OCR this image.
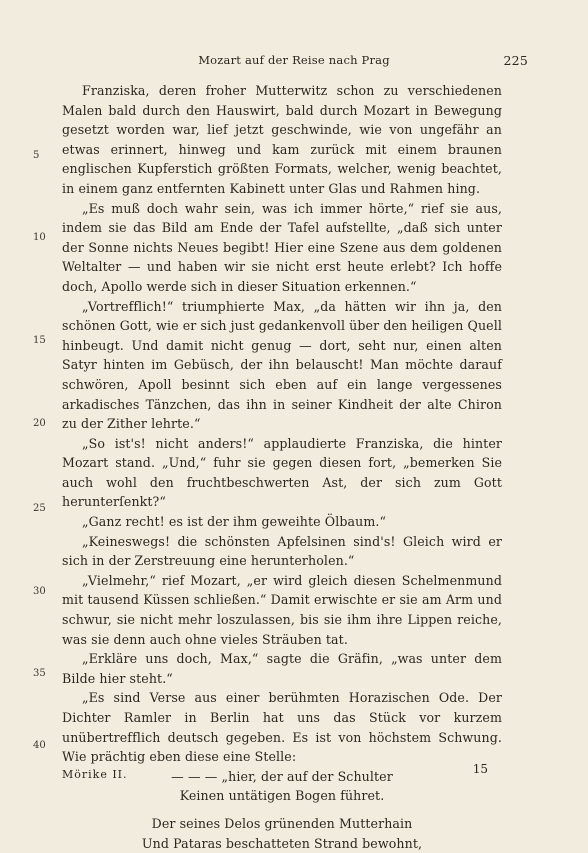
Mozart auf der Reise nach Prag	225
5
10
15
20
25
30
35
40

Franziska, deren froher Mutterwitz schon zu verschiedenen Malen bald durch den Hauswirt, bald durch Mozart in Bewegung gesetzt worden war, lief jetzt geschwinde, wie von ungefähr an etwas erinnert, hinweg und kam zurück mit einem braunen englischen Kupferstich größten Formats, welcher, wenig beachtet, in einem ganz entfernten Kabinett unter Glas und Rahmen hing.

„Es muß doch wahr sein, was ich immer hörte,“ rief sie aus, indem sie das Bild am Ende der Tafel aufstellte, „daß sich unter der Sonne nichts Neues begibt! Hier eine Szene aus dem goldenen Weltalter — und haben wir sie nicht erst heute erlebt? Ich hoffe doch, Apollo werde sich in dieser Situation erkennen.“

„Vortrefflich!“ triumphierte Max, „da hätten wir ihn ja, den schönen Gott, wie er sich just gedankenvoll über den heiligen Quell hinbeugt. Und damit nicht genug — dort, seht nur, einen alten Satyr hinten im Gebüsch, der ihn belauscht! Man möchte darauf schwören, Apoll besinnt sich eben auf ein lange vergessenes arkadisches Tänzchen, das ihn in seiner Kindheit der alte Chiron zu der Zither lehrte.“

„So ist's! nicht anders!“ applaudierte Franziska, die hinter Mozart stand. „Und,“ fuhr sie gegen diesen fort, „bemerken Sie auch wohl den fruchtbeschwerten Ast, der sich zum Gott herunterſenkt?“

„Ganz recht! es ist der ihm geweihte Ölbaum.“

„Keineswegs! die schönsten Apfelsinen sind's! Gleich wird er sich in der Zerstreuung eine herunterholen.“

„Vielmehr,“ rief Mozart, „er wird gleich diesen Schelmenmund mit tausend Küssen schließen.“ Damit erwischte er sie am Arm und schwur, sie nicht mehr loszulassen, bis sie ihm ihre Lippen reiche, was sie denn auch ohne vieles Sträuben tat.

„Erkläre uns doch, Max,“ sagte die Gräfin, „was unter dem Bilde hier steht.“

„Es sind Verse aus einer berühmten Horazischen Ode. Der Dichter Ramler in Berlin hat uns das Stück vor kurzem unübertrefflich deutsch gegeben. Es ist von höchstem Schwung. Wie prächtig eben diese eine Stelle:

— — — „hier, der auf der Schulter

Keinen untätigen Bogen führet.

Der seines Delos grünenden Mutterhain

Und Pataras beschatteten Strand bewohnt,

Mörike II.	15
